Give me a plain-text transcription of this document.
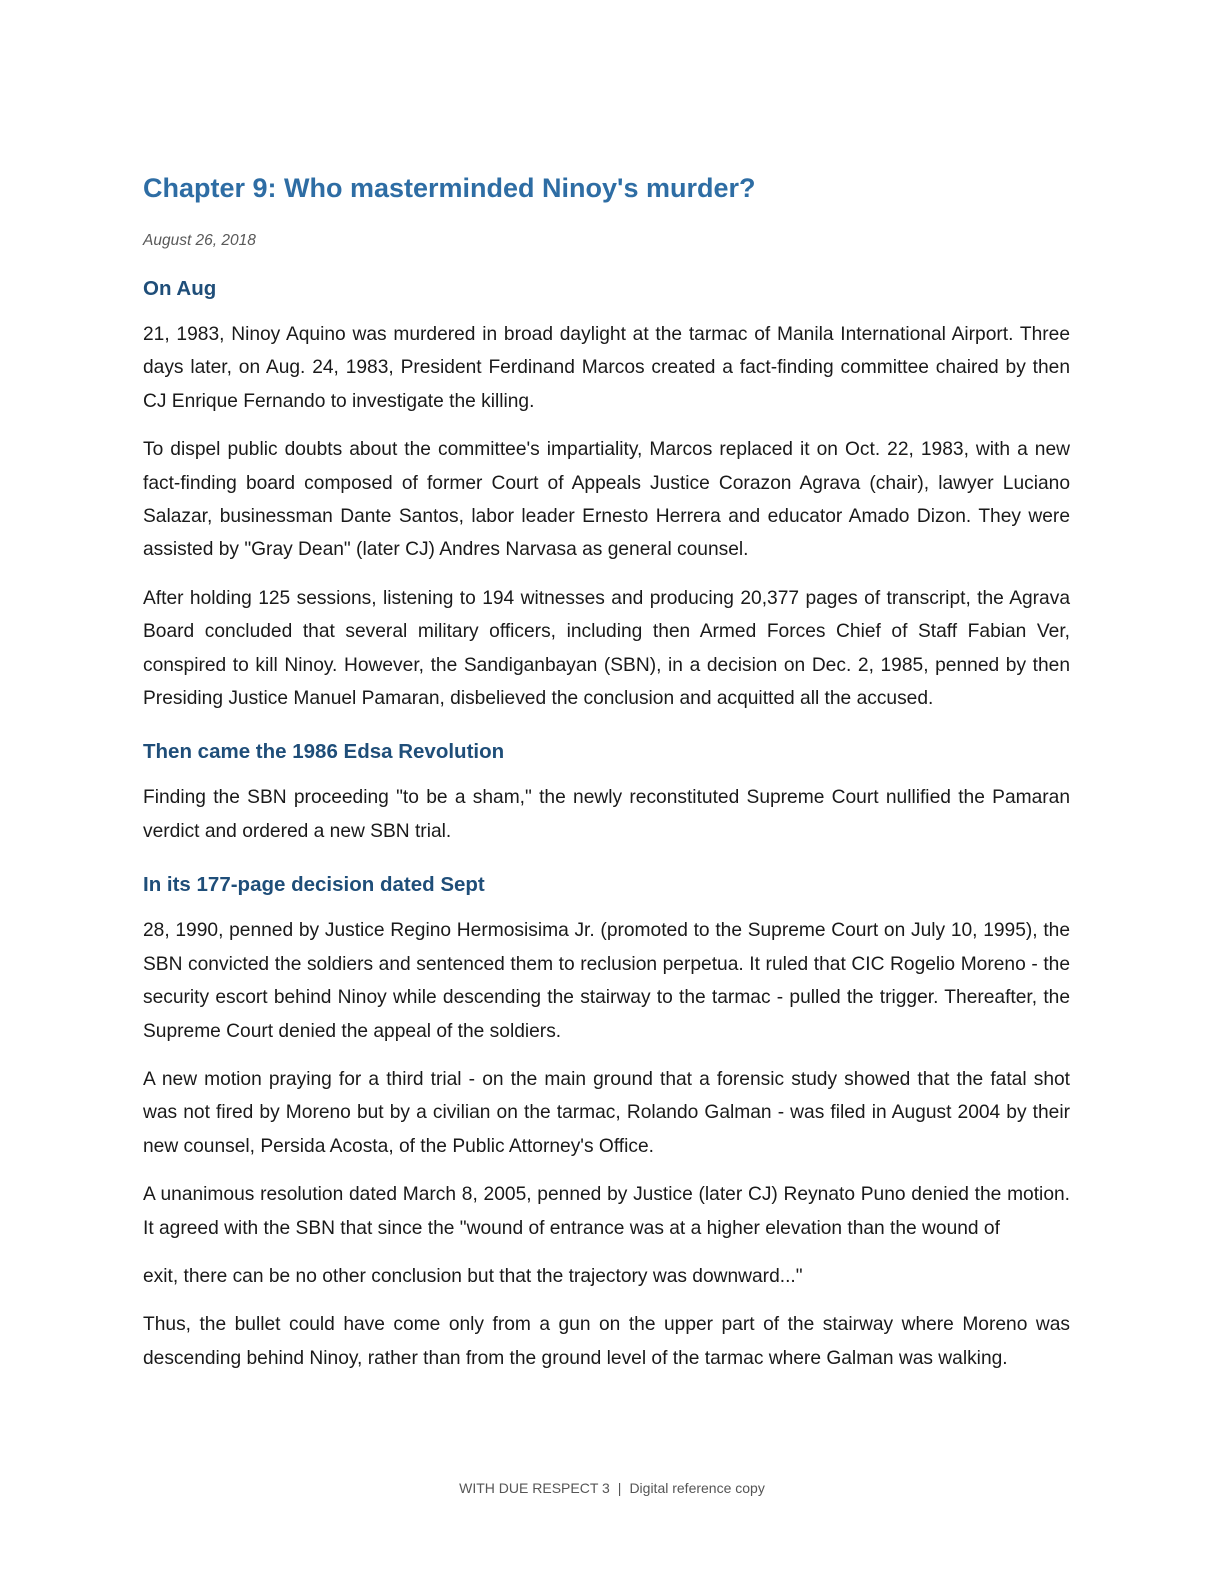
Chapter 9: Who masterminded Ninoy's murder?
August 26, 2018
On Aug

21, 1983, Ninoy Aquino was murdered in broad daylight at the tarmac of Manila International Airport. Three days later, on Aug. 24, 1983, President Ferdinand Marcos created a fact-finding committee chaired by then CJ Enrique Fernando to investigate the killing.

To dispel public doubts about the committee's impartiality, Marcos replaced it on Oct. 22, 1983, with a new fact-finding board composed of former Court of Appeals Justice Corazon Agrava (chair), lawyer Luciano Salazar, businessman Dante Santos, labor leader Ernesto Herrera and educator Amado Dizon. They were assisted by "Gray Dean" (later CJ) Andres Narvasa as general counsel.

After holding 125 sessions, listening to 194 witnesses and producing 20,377 pages of transcript, the Agrava Board concluded that several military officers, including then Armed Forces Chief of Staff Fabian Ver, conspired to kill Ninoy. However, the Sandiganbayan (SBN), in a decision on Dec. 2, 1985, penned by then Presiding Justice Manuel Pamaran, disbelieved the conclusion and acquitted all the accused.

Then came the 1986 Edsa Revolution

Finding the SBN proceeding "to be a sham," the newly reconstituted Supreme Court nullified the Pamaran verdict and ordered a new SBN trial.

In its 177-page decision dated Sept

28, 1990, penned by Justice Regino Hermosisima Jr. (promoted to the Supreme Court on July 10, 1995), the SBN convicted the soldiers and sentenced them to reclusion perpetua. It ruled that CIC Rogelio Moreno - the security escort behind Ninoy while descending the stairway to the tarmac - pulled the trigger. Thereafter, the Supreme Court denied the appeal of the soldiers.

A new motion praying for a third trial - on the main ground that a forensic study showed that the fatal shot was not fired by Moreno but by a civilian on the tarmac, Rolando Galman - was filed in August 2004 by their new counsel, Persida Acosta, of the Public Attorney's Office.

A unanimous resolution dated March 8, 2005, penned by Justice (later CJ) Reynato Puno denied the motion. It agreed with the SBN that since the "wound of entrance was at a higher elevation than the wound of

exit, there can be no other conclusion but that the trajectory was downward..."

Thus, the bullet could have come only from a gun on the upper part of the stairway where Moreno was descending behind Ninoy, rather than from the ground level of the tarmac where Galman was walking.

WITH DUE RESPECT 3 | Digital reference copy
